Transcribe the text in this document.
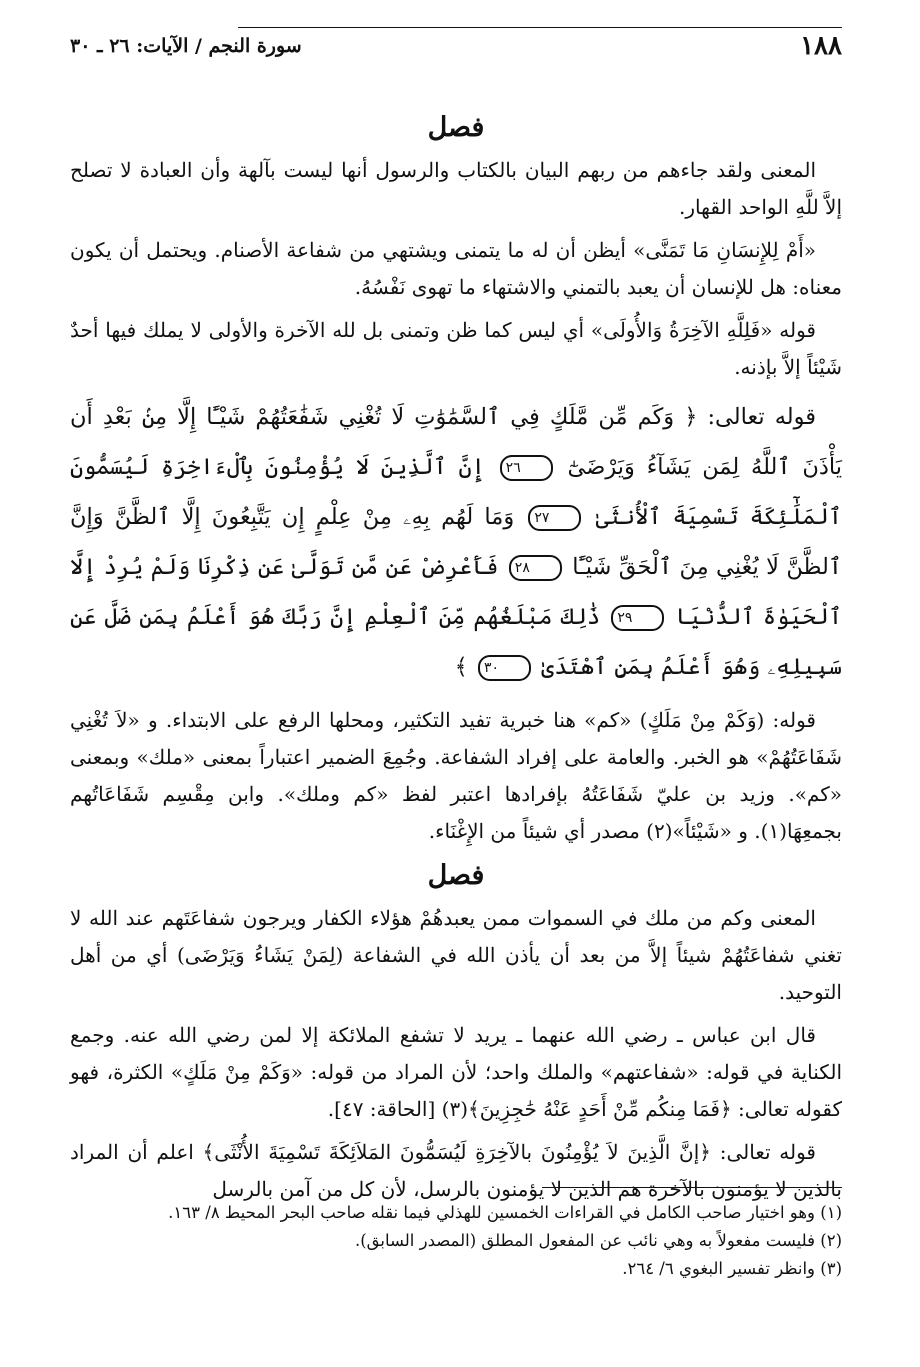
١٨٨
سورة النجم / الآيات: ٢٦ ـ ٣٠
فصل

المعنى ولقد جاءهم من ربهم البيان بالكتاب والرسول أنها ليست بآلهة وأن العبادة لا تصلح إلاَّ للَّهِ الواحد القهار.

«أَمْ لِلإِنسَانِ مَا تَمَنَّى» أيظن أن له ما يتمنى ويشتهي من شفاعة الأصنام. ويحتمل أن يكون معناه: هل للإنسان أن يعبد بالتمني والاشتهاء ما تهوى نَفْسُهُ.

قوله «فَلِلَّهِ الآخِرَةُ وَالأُولَى» أي ليس كما ظن وتمنى بل لله الآخرة والأولى لا يملك فيها أحدٌ شَيْئاً إلاَّ بإذنه.

قوله تعالى: ﴿ وَكَم مِّن مَّلَكٍ فِي ٱلسَّمَٰوَٰتِ لَا تُغْنِي شَفَٰعَتُهُمْ شَيْـًٔا إِلَّا مِنۢ بَعْدِ أَن يَأْذَنَ ٱللَّهُ لِمَن يَشَآءُ وَيَرْضَىٰٓ ٢٦ إِنَّ ٱلَّذِينَ لَا يُؤْمِنُونَ بِٱلْءَاخِرَةِ لَيُسَمُّونَ ٱلْمَلَٰٓئِكَةَ تَسْمِيَةَ ٱلْأُنثَىٰ ٢٧ وَمَا لَهُم بِهِۦ مِنْ عِلْمٍ إِن يَتَّبِعُونَ إِلَّا ٱلظَّنَّ وَإِنَّ ٱلظَّنَّ لَا يُغْنِي مِنَ ٱلْحَقِّ شَيْـًٔا ٢٨ فَأَعْرِضْ عَن مَّن تَوَلَّىٰ عَن ذِكْرِنَا وَلَمْ يُرِدْ إِلَّا ٱلْحَيَوٰةَ ٱلدُّنْيَا ٢٩ ذَٰلِكَ مَبْلَغُهُم مِّنَ ٱلْعِلْمِ إِنَّ رَبَّكَ هُوَ أَعْلَمُ بِمَن ضَلَّ عَن سَبِيلِهِۦ وَهُوَ أَعْلَمُ بِمَنِ ٱهْتَدَىٰ ٣٠ ﴾

قوله: (وَكَمْ مِنْ مَلَكٍ) «كم» هنا خبرية تفيد التكثير، ومحلها الرفع على الابتداء. و «لاَ تُغْنِي شَفَاعَتُهُمْ» هو الخبر. والعامة على إفراد الشفاعة. وجُمِعَ الضمير اعتباراً بمعنى «ملك» وبمعنى «كم». وزيد بن عليّ شَفَاعَتُهُ بإفرادها اعتبر لفظ «كم وملك». وابن مِقْسِم شَفَاعَاتُهم بجمعِهَا(١). و «شَيْئاً»(٢) مصدر أي شيئاً من الإِغْنَاء.

فصل

المعنى وكم من ملك في السموات ممن يعبدهُمْ هؤلاء الكفار ويرجون شفاعَتَهم عند الله لا تغني شفاعَتُهُمْ شيئاً إلاَّ من بعد أن يأذن الله في الشفاعة (لِمَنْ يَشَاءُ وَيَرْضَى) أي من أهل التوحيد.

قال ابن عباس ـ رضي الله عنهما ـ يريد لا تشفع الملائكة إلا لمن رضي الله عنه. وجمع الكناية في قوله: «شفاعتهم» والملك واحد؛ لأن المراد من قوله: «وَكَمْ مِنْ مَلَكٍ» الكثرة، فهو كقوله تعالى: ﴿فَمَا مِنكُم مِّنْ أَحَدٍ عَنْهُ حَٰجِزِينَ﴾(٣) [الحاقة: ٤٧].

قوله تعالى: ﴿إنَّ الَّذِينَ لاَ يُؤْمِنُونَ بالآخِرَةِ لَيُسَمُّونَ المَلاَئِكَةَ تَسْمِيَةَ الأُنْثَى﴾ اعلم أن المراد بالذين لا يؤمنون بالآخرة هم الذين لا يؤمنون بالرسل، لأن كل من آمن بالرسل

(١) وهو اختيار صاحب الكامل في القراءات الخمسين للهذلي فيما نقله صاحب البحر المحيط ٨/ ١٦٣.

(٢) فليست مفعولاً به وهي نائب عن المفعول المطلق (المصدر السابق).

(٣) وانظر تفسير البغوي ٦/ ٢٦٤.
